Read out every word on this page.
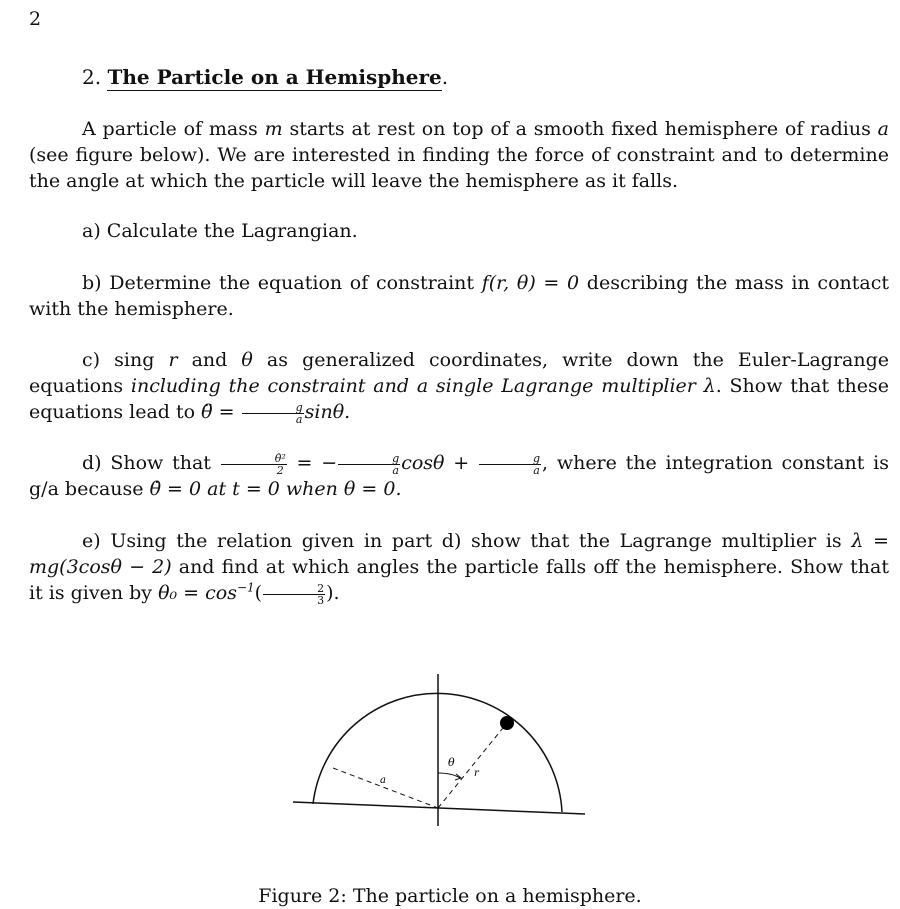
2
2. The Particle on a Hemisphere.
A particle of mass m starts at rest on top of a smooth fixed hemisphere of radius a (see figure below). We are interested in finding the force of constraint and to determine the angle at which the particle will leave the hemisphere as it falls.
a) Calculate the Lagrangian.
b) Determine the equation of constraint f(r, θ) = 0 describing the mass in contact with the hemisphere.
c) sing r and θ as generalized coordinates, write down the Euler-Lagrange equations including the constraint and a single Lagrange multiplier λ. Show that these equations lead to θ̈ = $\frac{g}{a} \sin\theta$.
d) Show that $\frac{\text{θ̇²}}{2}$ = − $\frac{g}{a}$ $\cos\theta + \frac{g}{a}$ , where the integration constant is g/a because θ̇ = 0 at t = 0 when θ = 0.
e) Using the relation given in part d) show that the Lagrange multiplier is λ = mg(3cosθ − 2) and find at which angles the particle falls off the hemisphere. Show that it is given by $\theta_0 = \cos^{-1}( \frac{2}{3}$ ).
θ
r
a
Figure 2: The particle on a hemisphere.
